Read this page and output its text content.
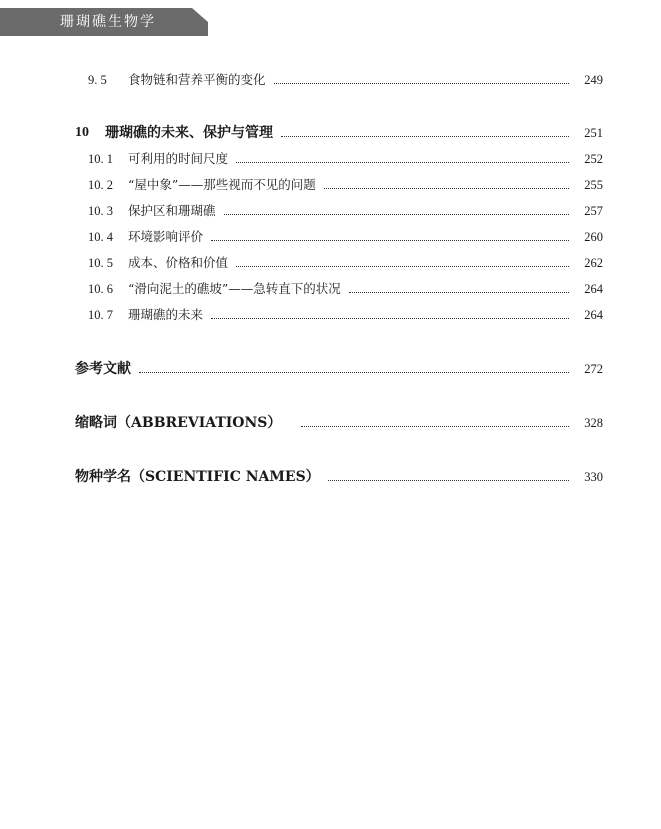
珊瑚礁生物学
9. 5	食物链和营养平衡的变化	249
10	珊瑚礁的未来、保护与管理	251
10. 1	可利用的时间尺度	252
10. 2	“屋中象”——那些视而不见的问题	255
10. 3	保护区和珊瑚礁	257
10. 4	环境影响评价	260
10. 5	成本、价格和价值	262
10. 6	“滑向泥土的礁坡”——急转直下的状况	264
10. 7	珊瑚礁的未来	264
参考文献	272
缩略词（ABBREVIATIONS）	328
物种学名（SCIENTIFIC NAMES）	330
